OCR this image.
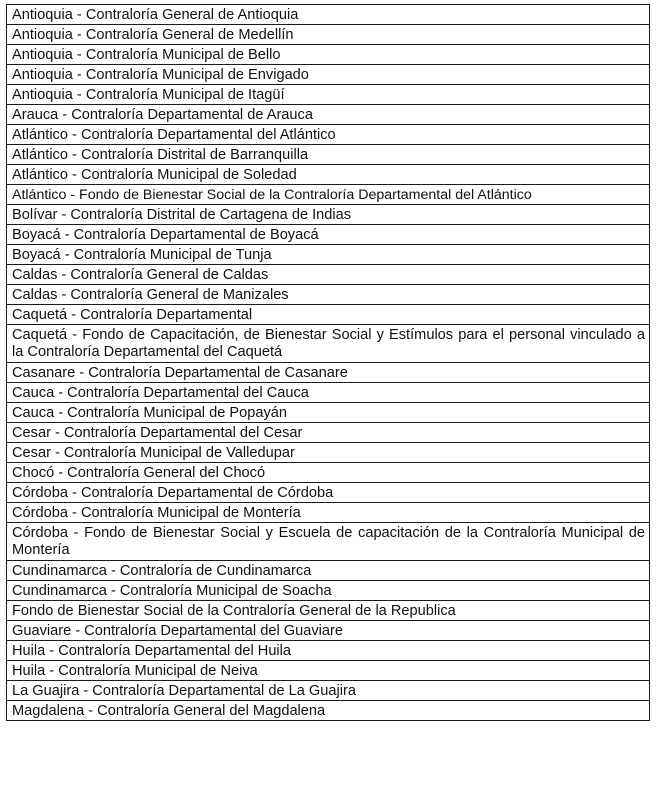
Antioquia - Contraloría General de Antioquia
Antioquia - Contraloría General de Medellín
Antioquia - Contraloría Municipal de Bello
Antioquia - Contraloría Municipal de Envigado
Antioquia - Contraloría Municipal de Itagüí
Arauca - Contraloría Departamental de Arauca
Atlántico - Contraloría Departamental del Atlántico
Atlántico - Contraloría Distrital de Barranquilla
Atlántico - Contraloría Municipal de Soledad
Atlántico - Fondo de Bienestar Social de la Contraloría Departamental del Atlántico
Bolívar - Contraloría Distrital de Cartagena de Indias
Boyacá - Contraloría Departamental de Boyacá
Boyacá - Contraloría Municipal de Tunja
Caldas - Contraloría General de Caldas
Caldas - Contraloría General de Manizales
Caquetá - Contraloría Departamental
Caquetá - Fondo de Capacitación, de Bienestar Social y Estímulos para el personal vinculado a la Contraloría Departamental del Caquetá
Casanare - Contraloría Departamental de Casanare
Cauca - Contraloría Departamental del Cauca
Cauca - Contraloría Municipal de Popayán
Cesar - Contraloría Departamental del Cesar
Cesar - Contraloría Municipal de Valledupar
Chocó - Contraloría General del Chocó
Córdoba - Contraloría Departamental de Córdoba
Córdoba - Contraloría Municipal de Montería
Córdoba - Fondo de Bienestar Social y Escuela de capacitación de la Contraloría Municipal de Montería
Cundinamarca - Contraloría de Cundinamarca
Cundinamarca - Contraloría Municipal de Soacha
Fondo de Bienestar Social de la Contraloría General de la Republica
Guaviare - Contraloría Departamental del Guaviare
Huila - Contraloría Departamental del Huila
Huila - Contraloría Municipal de Neiva
La Guajira - Contraloría Departamental de La Guajira
Magdalena - Contraloría General del Magdalena
